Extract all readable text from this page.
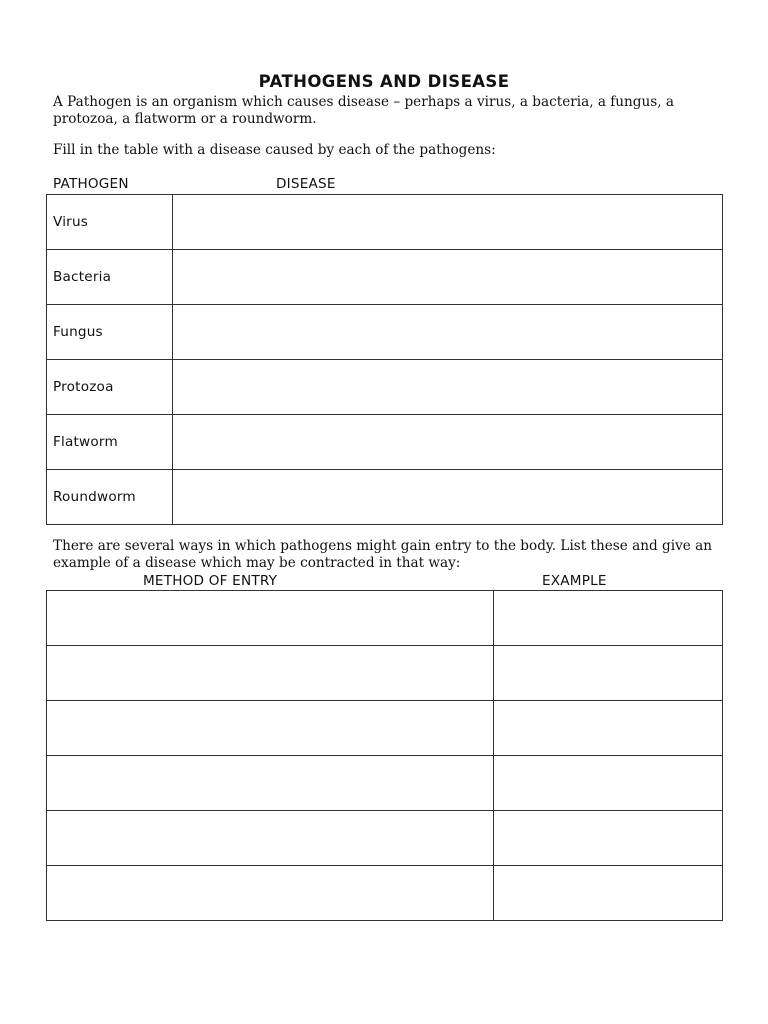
PATHOGENS AND DISEASE
A Pathogen is an organism which causes disease – perhaps a virus, a bacteria, a fungus, a protozoa, a flatworm or a roundworm.
Fill in the table with a disease caused by each of the pathogens:
PATHOGEN	DISEASE
Virus	
Bacteria	
Fungus	
Protozoa	
Flatworm	
Roundworm	
There are several ways in which pathogens might gain entry to the body. List these and give an example of a disease which may be contracted in that way:
METHOD OF ENTRY	EXAMPLE
